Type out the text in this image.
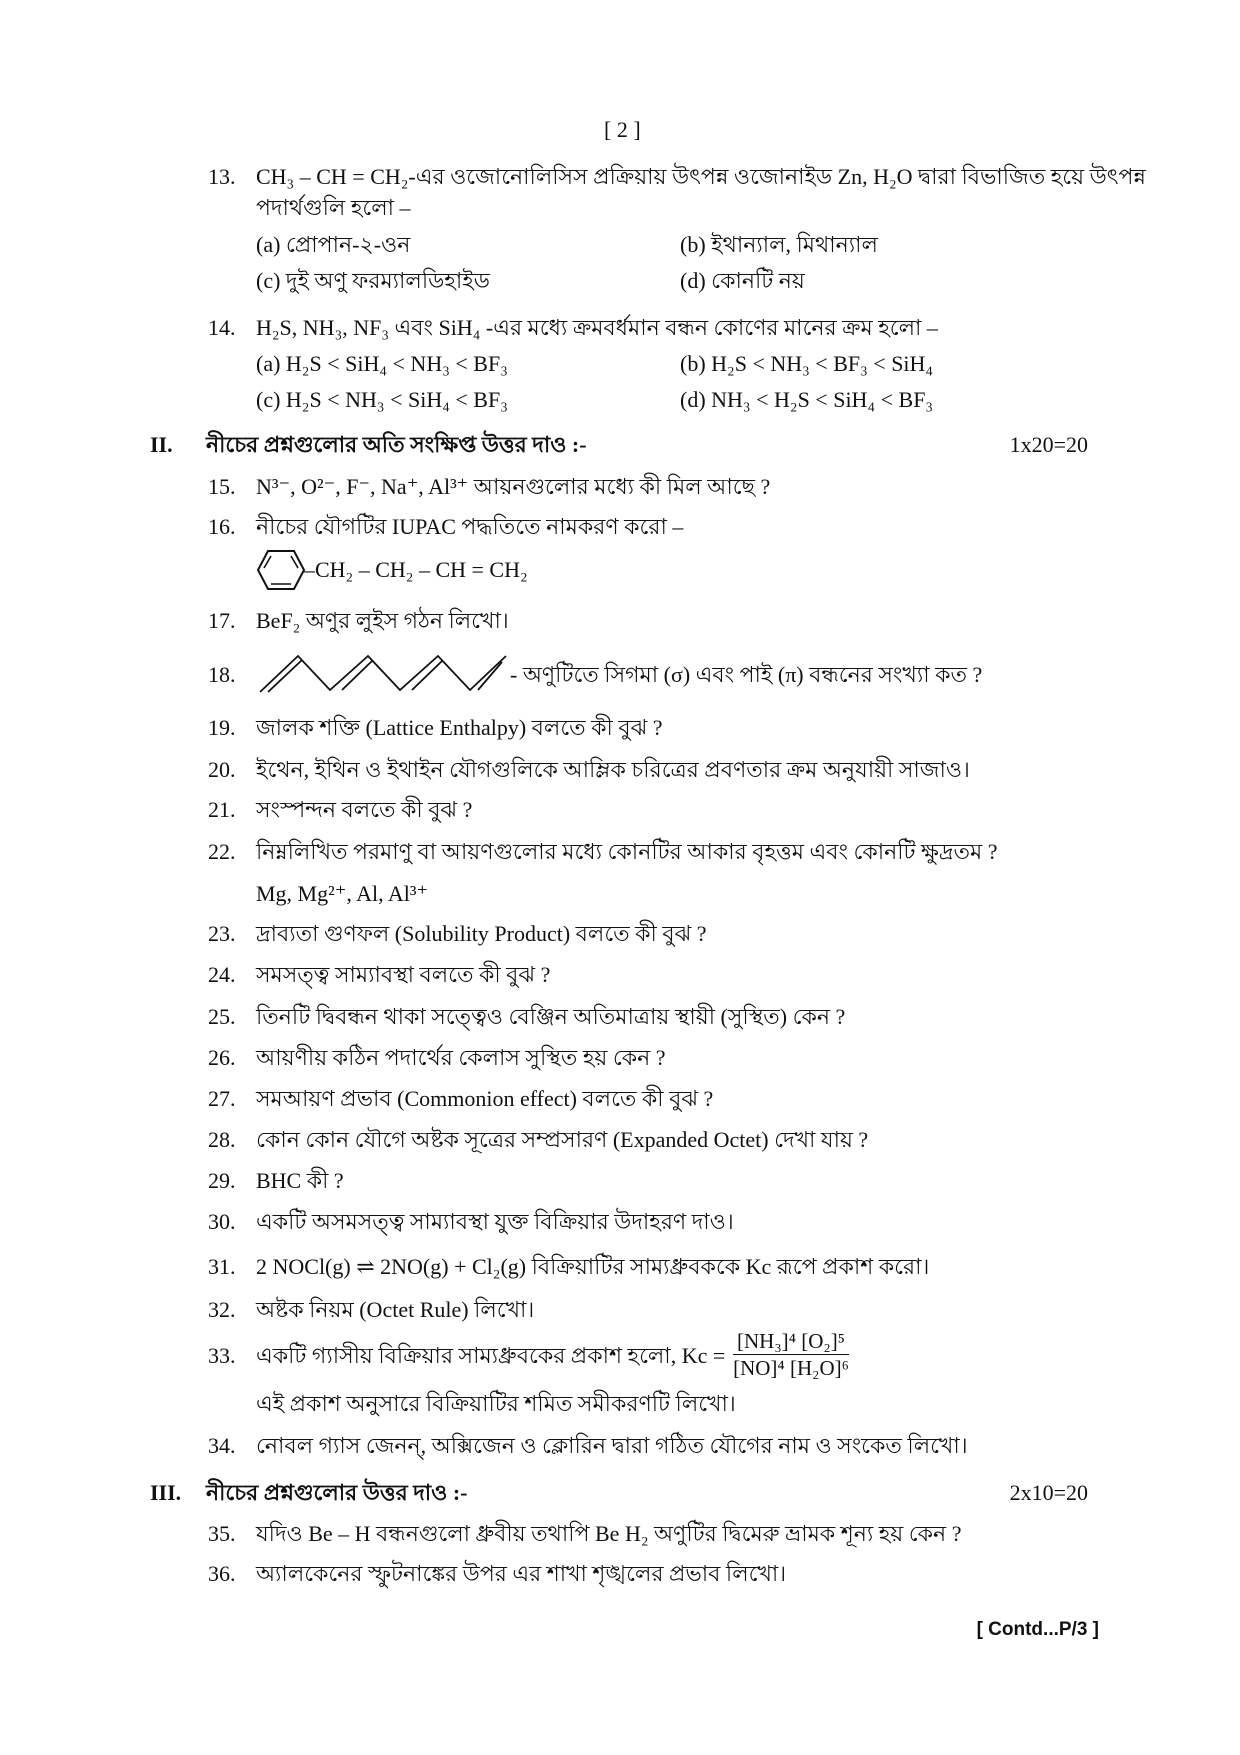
[ 2 ]
13. CH₃ – CH = CH₂-এর ওজোনোলিসিস প্রক্রিয়ায় উৎপন্ন ওজোনাইড Zn, H₂O দ্বারা বিভাজিত হয়ে উৎপন্ন
পদার্থগুলি হলো –
(a) প্রোপান-২-ওন	(b) ইথান্যাল, মিথান্যাল
(c) দুই অণু ফরম্যালডিহাইড	(d) কোনটি নয়
14. H₂S, NH₃, NF₃ এবং SiH₄ -এর মধ্যে ক্রমবর্ধমান বন্ধন কোণের মানের ক্রম হলো –
(a) H₂S < SiH₄ < NH₃ < BF₃	(b) H₂S < NH₃ < BF₃ < SiH₄
(c) H₂S < NH₃ < SiH₄ < BF₃	(d) NH₃ < H₂S < SiH₄ < BF₃
II. নীচের প্রশ্নগুলোর অতি সংক্ষিপ্ত উত্তর দাও :-	1x20=20
15. N³⁻, O²⁻, F⁻, Na⁺, Al³⁺ আয়নগুলোর মধ্যে কী মিল আছে ?
16. নীচের যৌগটির IUPAC পদ্ধতিতে নামকরণ করো –
–CH₂ – CH₂ – CH = CH₂
17. BeF₂ অণুর লুইস গঠন লিখো।
18.	- অণুটিতে সিগমা (σ) এবং পাই (π) বন্ধনের সংখ্যা কত ?
19. জালক শক্তি (Lattice Enthalpy) বলতে কী বুঝ ?
20. ইথেন, ইথিন ও ইথাইন যৌগগুলিকে আম্লিক চরিত্রের প্রবণতার ক্রম অনুযায়ী সাজাও।
21. সংস্পন্দন বলতে কী বুঝ ?
22. নিম্নলিখিত পরমাণু বা আয়ণগুলোর মধ্যে কোনটির আকার বৃহত্তম এবং কোনটি ক্ষুদ্রতম ?
Mg, Mg²⁺, Al, Al³⁺
23. দ্রাব্যতা গুণফল (Solubility Product) বলতে কী বুঝ ?
24. সমসত্ত্ব সাম্যাবস্থা বলতে কী বুঝ ?
25. তিনটি দ্বিবন্ধন থাকা সত্ত্বেও বেঞ্জিন অতিমাত্রায় স্থায়ী (সুস্থিত) কেন ?
26. আয়ণীয় কঠিন পদার্থের কেলাস সুস্থিত হয় কেন ?
27. সমআয়ণ প্রভাব (Commonion effect) বলতে কী বুঝ ?
28. কোন কোন যৌগে অষ্টক সূত্রের সম্প্রসারণ (Expanded Octet) দেখা যায় ?
29. BHC কী ?
30. একটি অসমসত্ত্ব সাম্যাবস্থা যুক্ত বিক্রিয়ার উদাহরণ দাও।
31. 2 NOCl(g) ⇌ 2NO(g) + Cl₂(g) বিক্রিয়াটির সাম্যধ্রুবককে Kc রূপে প্রকাশ করো।
32. অষ্টক নিয়ম (Octet Rule) লিখো।
33. একটি গ্যাসীয় বিক্রিয়ার সাম্যধ্রুবকের প্রকাশ হলো, $Kc = \frac{\text{[NH₃]⁴ [O₂]⁵}}{\text{[NO]⁴ [H₂O]⁶}}$
এই প্রকাশ অনুসারে বিক্রিয়াটির শমিত সমীকরণটি লিখো।
34. নোবল গ্যাস জেনন্, অক্সিজেন ও ক্লোরিন দ্বারা গঠিত যৌগের নাম ও সংকেত লিখো।
III. নীচের প্রশ্নগুলোর উত্তর দাও :-	2x10=20
35. যদিও Be – H বন্ধনগুলো ধ্রুবীয় তথাপি Be H₂ অণুটির দ্বিমেরু ভ্রামক শূন্য হয় কেন ?
36. অ্যালকেনের স্ফুটনাঙ্কের উপর এর শাখা শৃঙ্খলের প্রভাব লিখো।
[ Contd...P/3 ]
